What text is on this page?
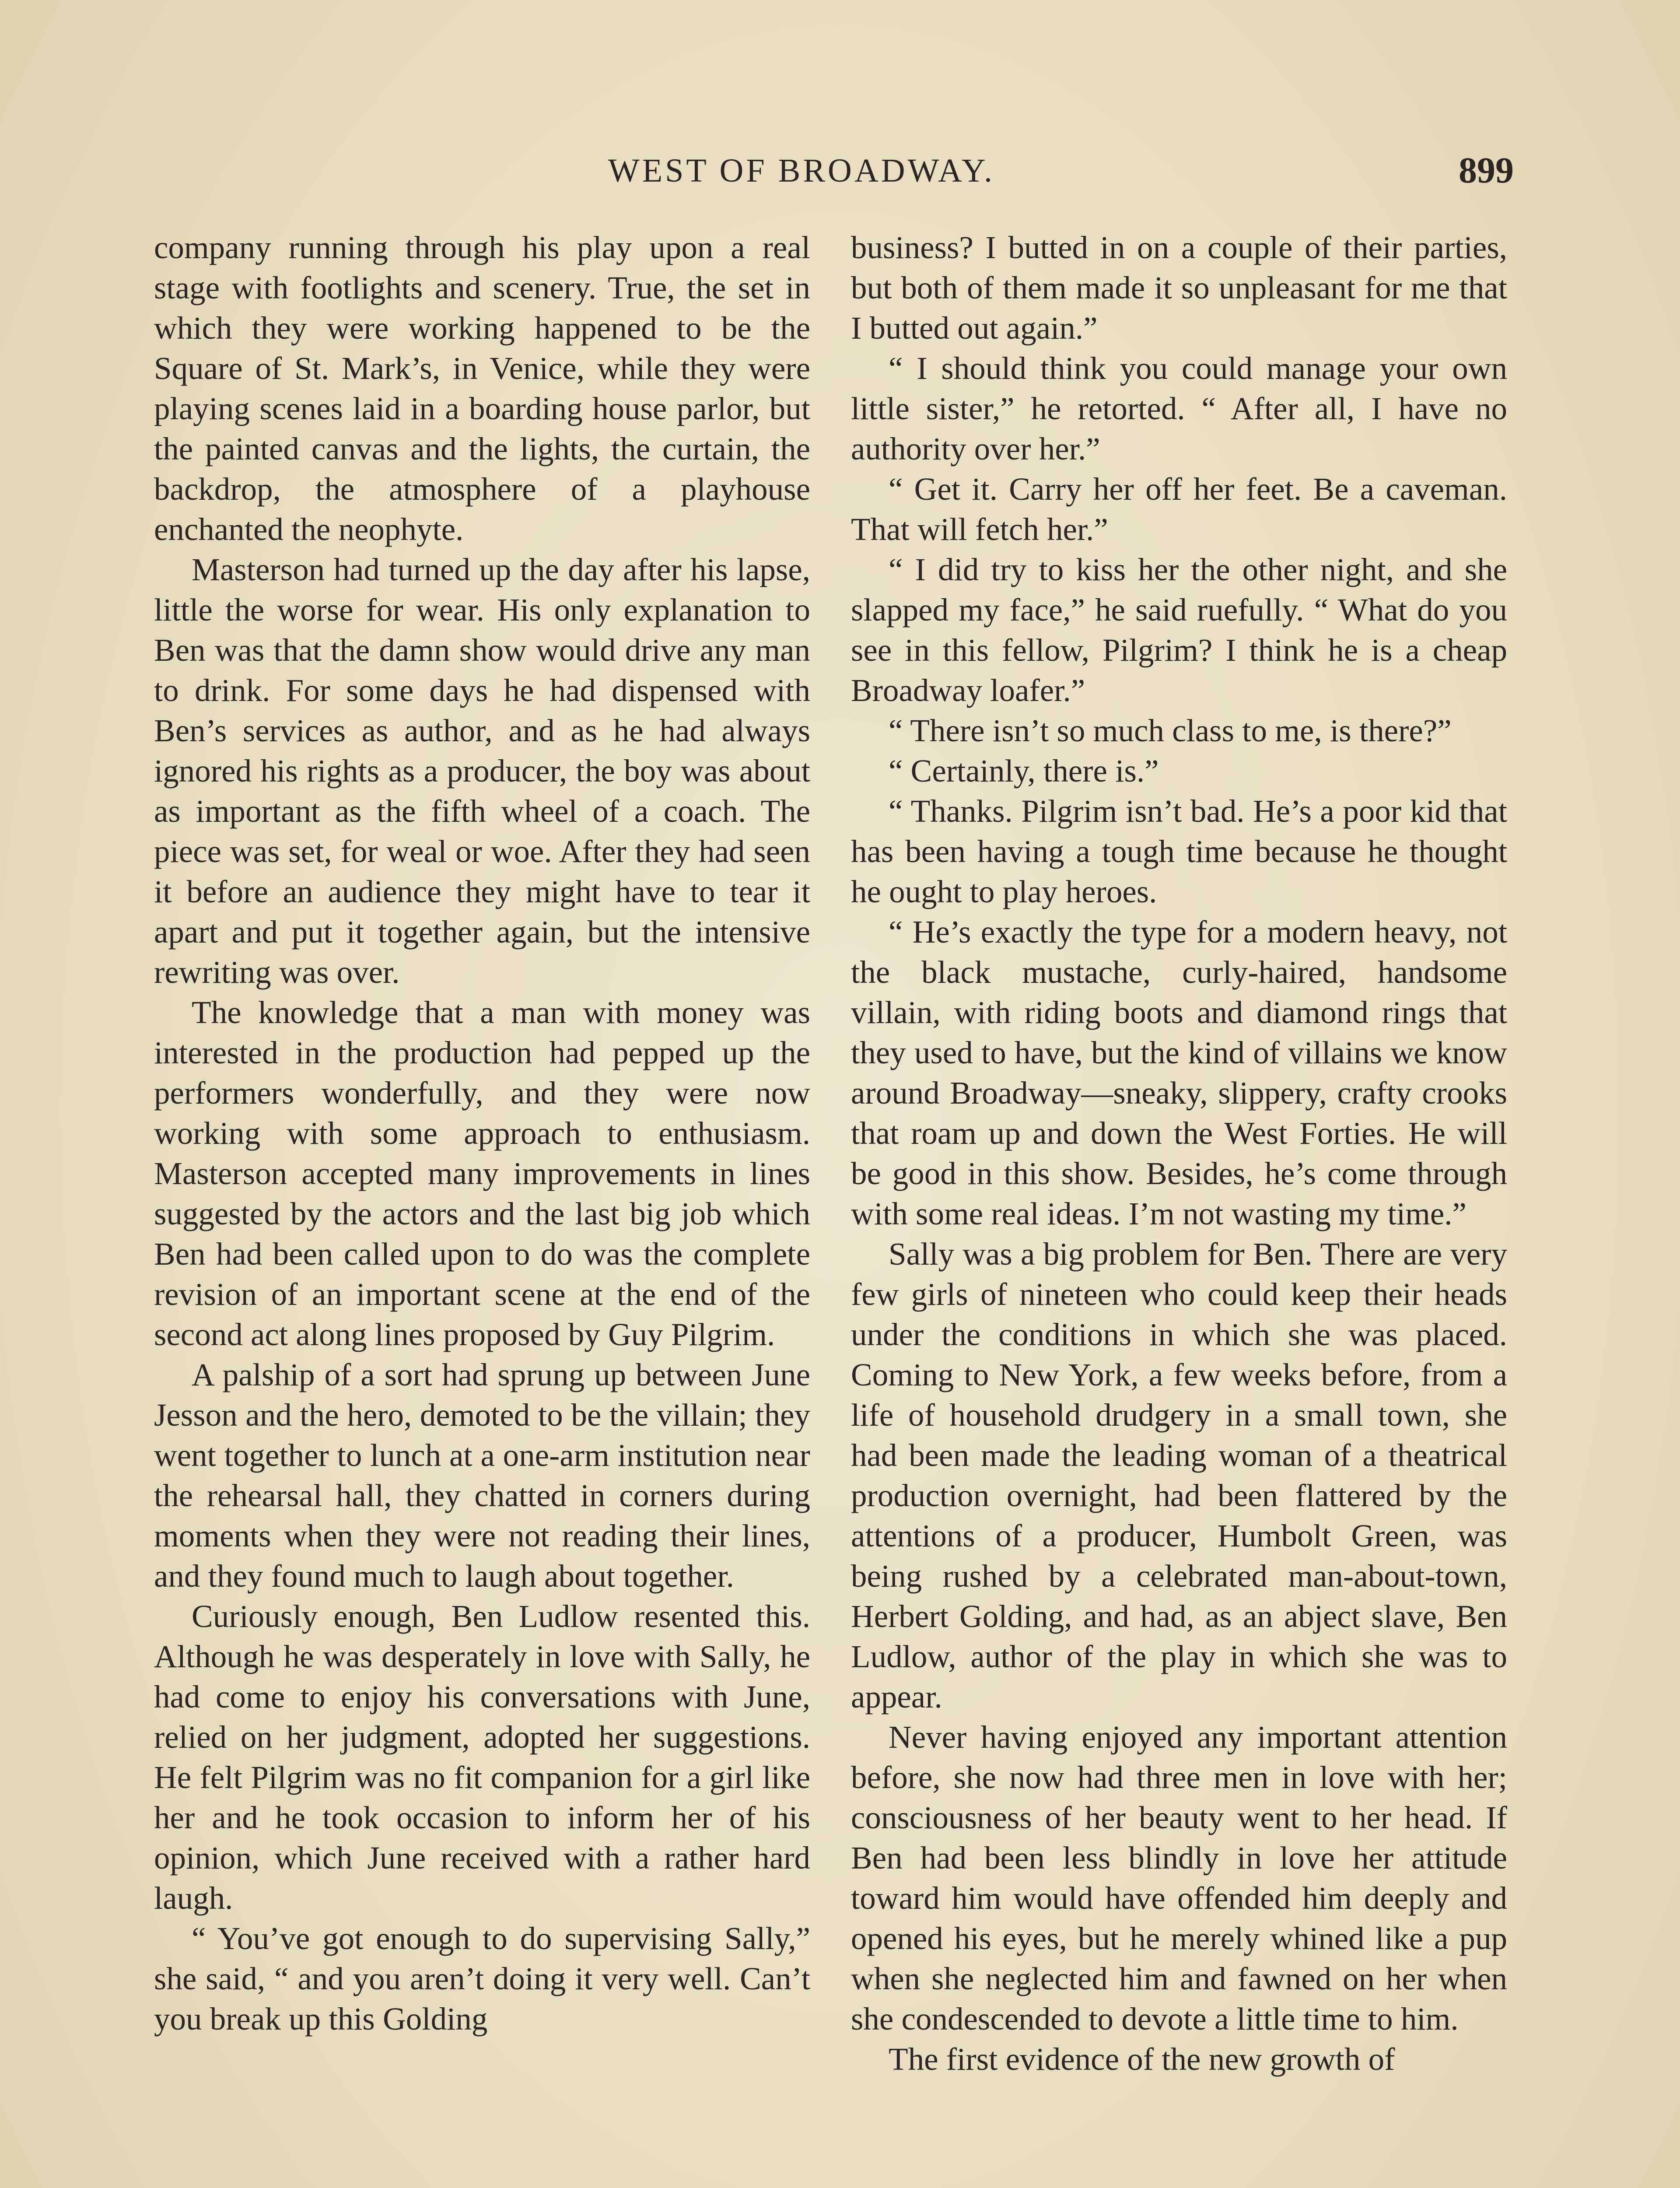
WEST OF BROADWAY.	899

company running through his play upon a real stage with footlights and scenery. True, the set in which they were working happened to be the Square of St. Mark’s, in Venice, while they were playing scenes laid in a boarding house parlor, but the painted canvas and the lights, the curtain, the backdrop, the atmosphere of a playhouse enchanted the neophyte.

Masterson had turned up the day after his lapse, little the worse for wear. His only explanation to Ben was that the damn show would drive any man to drink. For some days he had dispensed with Ben’s services as author, and as he had always ignored his rights as a producer, the boy was about as important as the fifth wheel of a coach. The piece was set, for weal or woe. After they had seen it before an audience they might have to tear it apart and put it together again, but the intensive rewriting was over.

The knowledge that a man with money was interested in the production had pepped up the performers wonderfully, and they were now working with some approach to enthusiasm. Masterson accepted many improvements in lines suggested by the actors and the last big job which Ben had been called upon to do was the complete revision of an important scene at the end of the second act along lines proposed by Guy Pilgrim.

A palship of a sort had sprung up between June Jesson and the hero, demoted to be the villain; they went together to lunch at a one-arm institution near the rehearsal hall, they chatted in corners during moments when they were not reading their lines, and they found much to laugh about together.

Curiously enough, Ben Ludlow resented this. Although he was desperately in love with Sally, he had come to enjoy his conversations with June, relied on her judgment, adopted her suggestions. He felt Pilgrim was no fit companion for a girl like her and he took occasion to inform her of his opinion, which June received with a rather hard laugh.

“ You’ve got enough to do supervising Sally,” she said, “ and you aren’t doing it very well. Can’t you break up this Golding

business? I butted in on a couple of their parties, but both of them made it so unpleasant for me that I butted out again.”

“ I should think you could manage your own little sister,” he retorted. “ After all, I have no authority over her.”

“ Get it. Carry her off her feet. Be a caveman. That will fetch her.”

“ I did try to kiss her the other night, and she slapped my face,” he said ruefully. “ What do you see in this fellow, Pilgrim? I think he is a cheap Broadway loafer.”

“ There isn’t so much class to me, is there?”

“ Certainly, there is.”

“ Thanks. Pilgrim isn’t bad. He’s a poor kid that has been having a tough time because he thought he ought to play heroes.

“ He’s exactly the type for a modern heavy, not the black mustache, curly-haired, handsome villain, with riding boots and diamond rings that they used to have, but the kind of villains we know around Broadway—sneaky, slippery, crafty crooks that roam up and down the West Forties. He will be good in this show. Besides, he’s come through with some real ideas. I’m not wasting my time.”

Sally was a big problem for Ben. There are very few girls of nineteen who could keep their heads under the conditions in which she was placed. Coming to New York, a few weeks before, from a life of household drudgery in a small town, she had been made the leading woman of a theatrical production overnight, had been flattered by the attentions of a producer, Humbolt Green, was being rushed by a celebrated man-about-town, Herbert Golding, and had, as an abject slave, Ben Ludlow, author of the play in which she was to appear.

Never having enjoyed any important attention before, she now had three men in love with her; consciousness of her beauty went to her head. If Ben had been less blindly in love her attitude toward him would have offended him deeply and opened his eyes, but he merely whined like a pup when she neglected him and fawned on her when she condescended to devote a little time to him.

The first evidence of the new growth of
